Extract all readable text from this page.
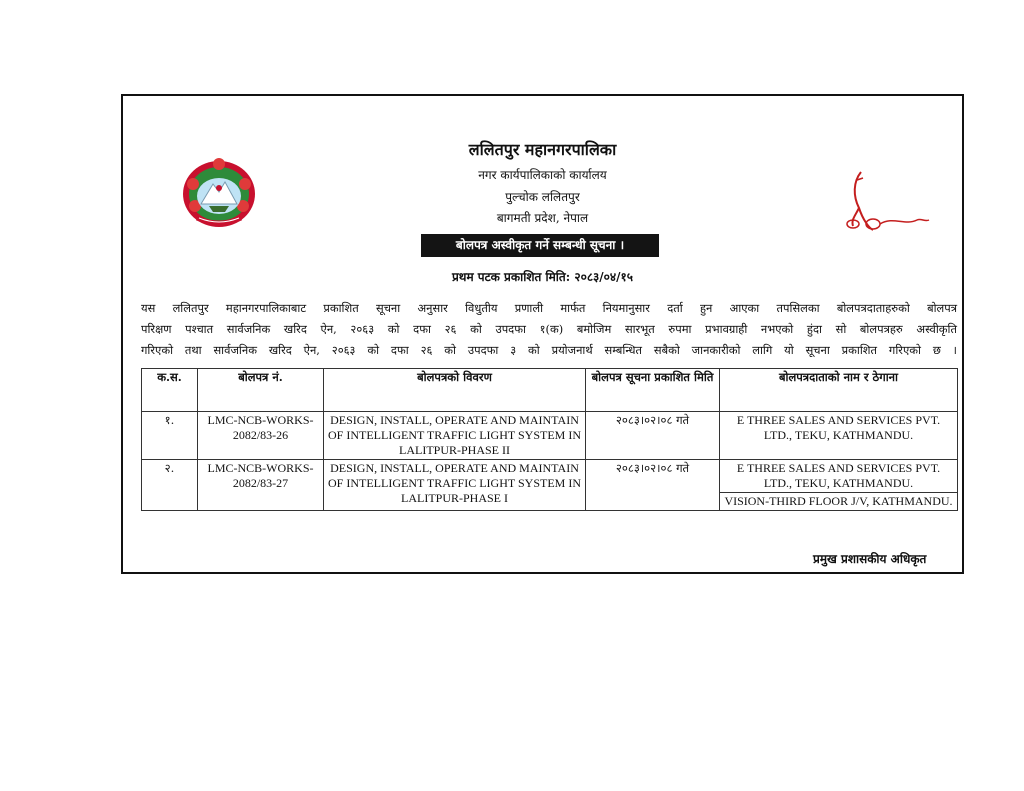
ललितपुर महानगरपालिका
नगर कार्यपालिकाको कार्यालय
पुल्चोक ललितपुर
बागमती प्रदेश, नेपाल
बोलपत्र अस्वीकृत गर्ने सम्बन्धी सूचना ।
प्रथम पटक प्रकाशित मिति: २०८३/०४/१५
यस ललितपुर महानगरपालिकाबाट प्रकाशित सूचना अनुसार विधुतीय प्रणाली मार्फत नियमानुसार दर्ता हुन आएका तपसिलका बोलपत्रदाताहरुको बोलपत्र
परिक्षण पश्चात सार्वजनिक खरिद ऐन, २०६३ को दफा २६ को उपदफा १(क) बमोजिम सारभूत रुपमा प्रभावग्राही नभएको हुंदा सो बोलपत्रहरु अस्वीकृति
गरिएको तथा सार्वजनिक खरिद ऐन, २०६३ को दफा २६ को उपदफा ३ को प्रयोजनार्थ सम्बन्धित सबैको जानकारीको लागि यो सूचना प्रकाशित गरिएको छ ।
क.स.	बोलपत्र नं.	बोलपत्रको विवरण	बोलपत्र सूचना प्रकाशित मिति	बोलपत्रदाताको नाम र ठेगाना
१.	LMC-NCB-WORKS-2082/83-26	DESIGN, INSTALL, OPERATE AND MAINTAIN OF INTELLIGENT TRAFFIC LIGHT SYSTEM IN LALITPUR-PHASE II	२०८३।०२।०८ गते	E THREE SALES AND SERVICES PVT. LTD., TEKU, KATHMANDU.
२.	LMC-NCB-WORKS-2082/83-27	DESIGN, INSTALL, OPERATE AND MAINTAIN OF INTELLIGENT TRAFFIC LIGHT SYSTEM IN LALITPUR-PHASE I	२०८३।०२।०८ गते	E THREE SALES AND SERVICES PVT. LTD., TEKU, KATHMANDU.
				VISION-THIRD FLOOR J/V, KATHMANDU.
प्रमुख प्रशासकीय अधिकृत
